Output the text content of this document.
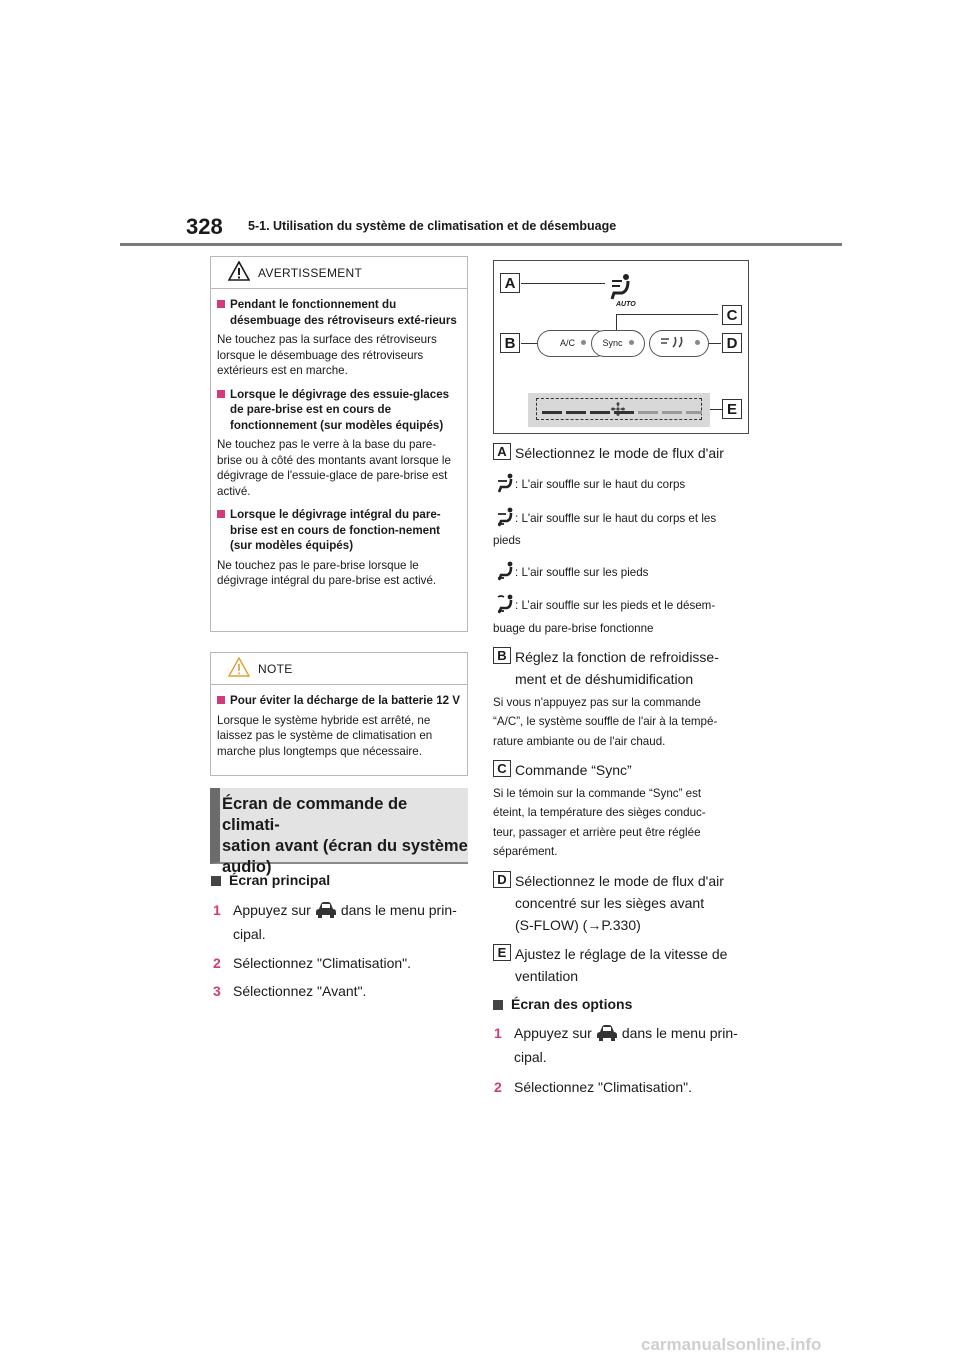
328 5-1. Utilisation du système de climatisation et de désembuage
AVERTISSEMENT
Pendant le fonctionnement du désembuage des rétroviseurs exté-rieurs
Ne touchez pas la surface des rétroviseurs lorsque le désembuage des rétroviseurs extérieurs est en marche.
Lorsque le dégivrage des essuie-glaces de pare-brise est en cours de fonctionnement (sur modèles équipés)
Ne touchez pas le verre à la base du pare-brise ou à côté des montants avant lorsque le dégivrage de l'essuie-glace de pare-brise est activé.
Lorsque le dégivrage intégral du pare-brise est en cours de fonction-nement (sur modèles équipés)
Ne touchez pas le pare-brise lorsque le dégivrage intégral du pare-brise est activé.
NOTE
Pour éviter la décharge de la batterie 12 V
Lorsque le système hybride est arrêté, ne laissez pas le système de climatisation en marche plus longtemps que nécessaire.
Écran de commande de climati-
sation avant (écran du système
audio)
Écran principal
1 Appuyez sur dans le menu prin-
cipal.
2 Sélectionnez "Climatisation".
3 Sélectionnez "Avant".
A
AUTO
C
B	A/C	Sync	D
E
A Sélectionnez le mode de flux d'air
: L'air souffle sur le haut du corps
: L'air souffle sur le haut du corps et les
pieds
: L'air souffle sur les pieds
: L’air souffle sur les pieds et le désem-
buage du pare-brise fonctionne
B Réglez la fonction de refroidisse-
ment et de déshumidification
Si vous n'appuyez pas sur la commande
“A/C”, le système souffle de l'air à la tempé-
rature ambiante ou de l'air chaud.
C Commande “Sync”
Si le témoin sur la commande “Sync” est
éteint, la température des sièges conduc-
teur, passager et arrière peut être réglée
séparément.
D Sélectionnez le mode de flux d'air
concentré sur les sièges avant
(S-FLOW) (→P.330)
E Ajustez le réglage de la vitesse de
ventilation
Écran des options
1 Appuyez sur dans le menu prin-
cipal.
2 Sélectionnez "Climatisation".
carmanualsonline.info
